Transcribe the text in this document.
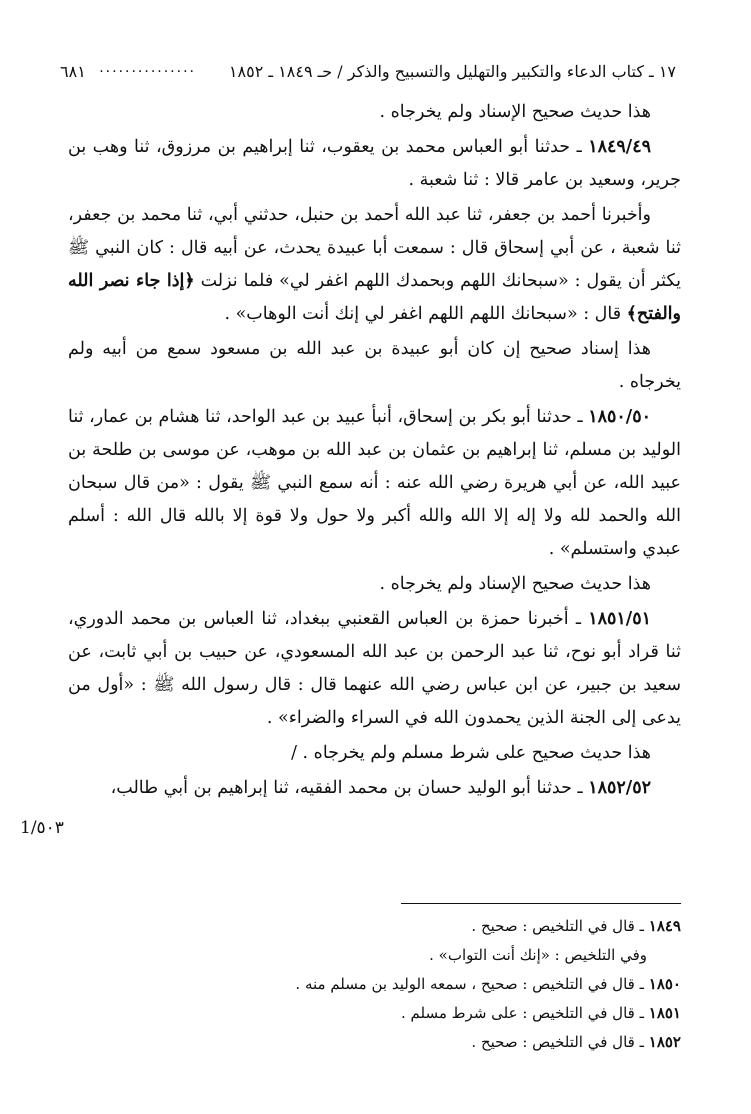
١٧ ـ كتاب الدعاء والتكبير والتهليل والتسبيح والذكر / حـ ١٨٤٩ ـ ١٨٥٢
...............
٦٨١

هذا حديث صحيح الإسناد ولم يخرجاه .

١٨٤٩/٤٩ ـ حدثنا أبو العباس محمد بن يعقوب، ثنا إبراهيم بن مرزوق، ثنا وهب بن جرير، وسعيد بن عامر قالا : ثنا شعبة .

وأخبرنا أحمد بن جعفر، ثنا عبد الله أحمد بن حنبل، حدثني أبي، ثنا محمد بن جعفر، ثنا شعبة ، عن أبي إسحاق قال : سمعت أبا عبيدة يحدث، عن أبيه قال : كان النبي ﷺ يكثر أن يقول : «سبحانك اللهم وبحمدك اللهم اغفر لي» فلما نزلت ﴿إذا جاء نصر الله والفتح﴾ قال : «سبحانك اللهم اللهم اغفر لي إنك أنت الوهاب» .

هذا إسناد صحيح إن كان أبو عبيدة بن عبد الله بن مسعود سمع من أبيه ولم يخرجاه .

١٨٥٠/٥٠ ـ حدثنا أبو بكر بن إسحاق، أنبأ عبيد بن عبد الواحد، ثنا هشام بن عمار، ثنا الوليد بن مسلم، ثنا إبراهيم بن عثمان بن عبد الله بن موهب، عن موسى بن طلحة بن عبيد الله، عن أبي هريرة رضي الله عنه : أنه سمع النبي ﷺ يقول : «من قال سبحان الله والحمد لله ولا إله إلا الله والله أكبر ولا حول ولا قوة إلا بالله قال الله : أسلم عبدي واستسلم» .

هذا حديث صحيح الإسناد ولم يخرجاه .

١٨٥١/٥١ ـ أخبرنا حمزة بن العباس القعنبي ببغداد، ثنا العباس بن محمد الدوري، ثنا قراد أبو نوح، ثنا عبد الرحمن بن عبد الله المسعودي، عن حبيب بن أبي ثابت، عن سعيد بن جبير، عن ابن عباس رضي الله عنهما قال : قال رسول الله ﷺ : «أول من يدعى إلى الجنة الذين يحمدون الله في السراء والضراء» .

هذا حديث صحيح على شرط مسلم ولم يخرجاه . /

١٨٥٢/٥٢ ـ حدثنا أبو الوليد حسان بن محمد الفقيه، ثنا إبراهيم بن أبي طالب،

1/٥٠٣
١٨٤٩ ـ قال في التلخيص : صحيح .
وفي التلخيص : «إنك أنت التواب» .
١٨٥٠ ـ قال في التلخيص : صحيح ، سمعه الوليد بن مسلم منه .
١٨٥١ ـ قال في التلخيص : على شرط مسلم .
١٨٥٢ ـ قال في التلخيص : صحيح .
